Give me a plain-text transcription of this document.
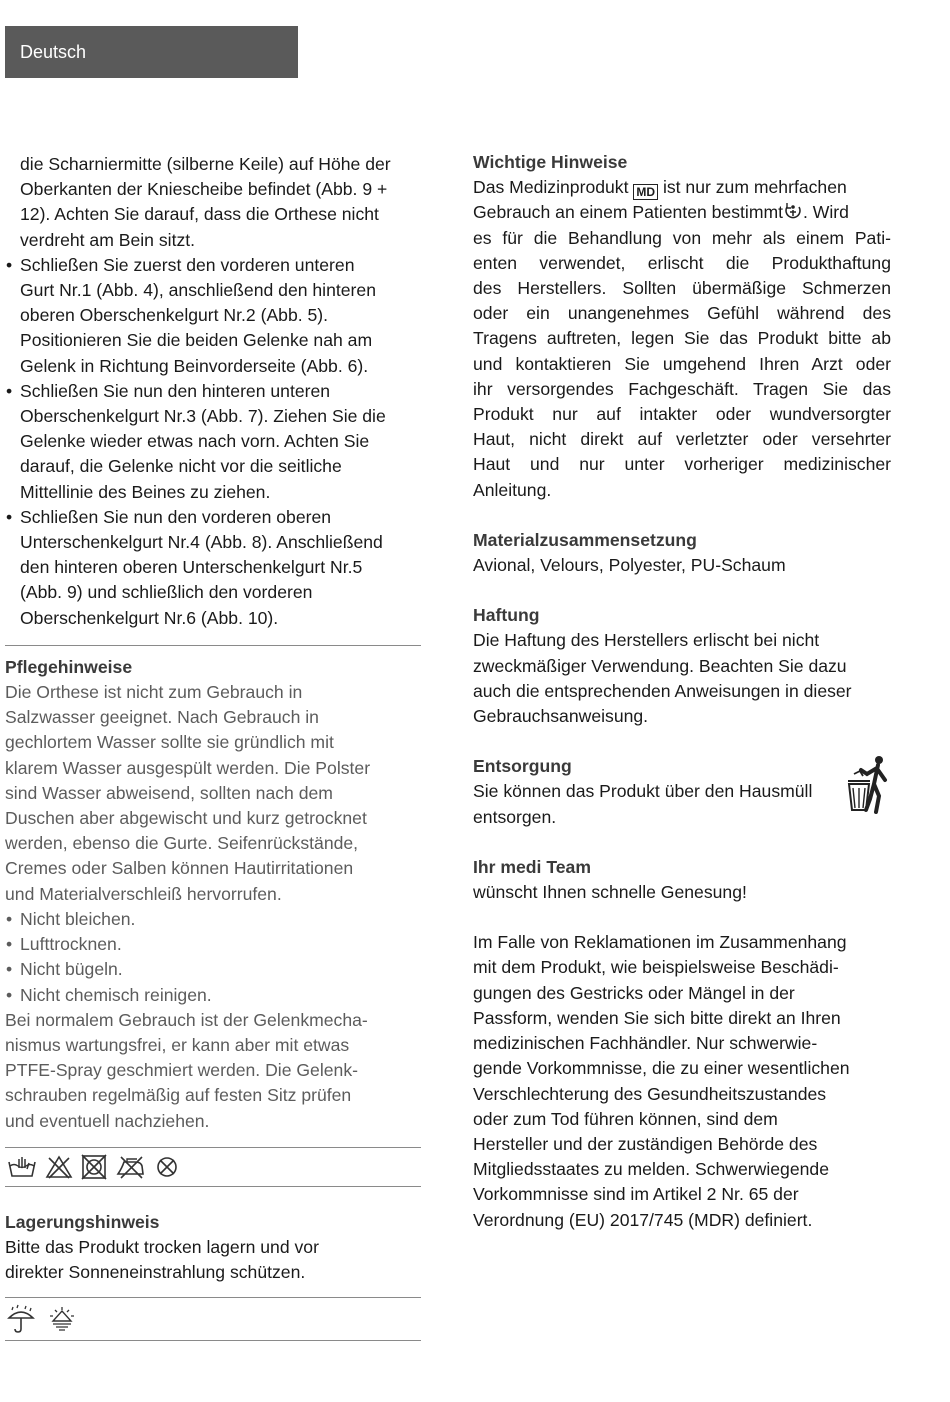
Deutsch
die Scharniermitte (silberne Keile) auf Höhe der
Oberkanten der Kniescheibe befindet (Abb. 9 +
12). Achten Sie darauf, dass die Orthese nicht
verdreht am Bein sitzt.
• Schließen Sie zuerst den vorderen unteren
Gurt Nr.1 (Abb. 4), anschließend den hinteren
oberen Oberschenkelgurt Nr.2 (Abb. 5).
Positionieren Sie die beiden Gelenke nah am
Gelenk in Richtung Beinvorderseite (Abb. 6).
• Schließen Sie nun den hinteren unteren
Oberschenkelgurt Nr.3 (Abb. 7). Ziehen Sie die
Gelenke wieder etwas nach vorn. Achten Sie
darauf, die Gelenke nicht vor die seitliche
Mittellinie des Beines zu ziehen.
• Schließen Sie nun den vorderen oberen
Unterschenkelgurt Nr.4 (Abb. 8). Anschließend
den hinteren oberen Unterschenkelgurt Nr.5
(Abb. 9) und schließlich den vorderen
Oberschenkelgurt Nr.6 (Abb. 10).
Pflegehinweise
Die Orthese ist nicht zum Gebrauch in
Salzwasser geeignet. Nach Gebrauch in
gechlortem Wasser sollte sie gründlich mit
klarem Wasser ausgespült werden. Die Polster
sind Wasser abweisend, sollten nach dem
Duschen aber abgewischt und kurz getrocknet
werden, ebenso die Gurte. Seifenrückstände,
Cremes oder Salben können Hautirritationen
und Materialverschleiß hervorrufen.
• Nicht bleichen.
• Lufttrocknen.
• Nicht bügeln.
• Nicht chemisch reinigen.
Bei normalem Gebrauch ist der Gelenkmecha-
nismus wartungsfrei, er kann aber mit etwas
PTFE-Spray geschmiert werden. Die Gelenk-
schrauben regelmäßig auf festen Sitz prüfen
und eventuell nachziehen.
Lagerungshinweis
Bitte das Produkt trocken lagern und vor
direkter Sonneneinstrahlung schützen.
Wichtige Hinweise
Das Medizinprodukt MD ist nur zum mehrfachen
Gebrauch an einem Patienten bestimmt . Wird
es für die Behandlung von mehr als einem Pati-
enten verwendet, erlischt die Produkthaftung
des Herstellers. Sollten übermäßige Schmerzen
oder ein unangenehmes Gefühl während des
Tragens auftreten, legen Sie das Produkt bitte ab
und kontaktieren Sie umgehend Ihren Arzt oder
ihr versorgendes Fachgeschäft. Tragen Sie das
Produkt nur auf intakter oder wundversorgter
Haut, nicht direkt auf verletzter oder versehrter
Haut und nur unter vorheriger medizinischer
Anleitung.
Materialzusammensetzung
Avional, Velours, Polyester, PU-Schaum
Haftung
Die Haftung des Herstellers erlischt bei nicht
zweckmäßiger Verwendung. Beachten Sie dazu
auch die entsprechenden Anweisungen in dieser
Gebrauchsanweisung.
Entsorgung
Sie können das Produkt über den Hausmüll
entsorgen.
Ihr medi Team
wünscht Ihnen schnelle Genesung!
Im Falle von Reklamationen im Zusammenhang
mit dem Produkt, wie beispielsweise Beschädi-
gungen des Gestricks oder Mängel in der
Passform, wenden Sie sich bitte direkt an Ihren
medizinischen Fachhändler. Nur schwerwie-
gende Vorkommnisse, die zu einer wesentlichen
Verschlechterung des Gesundheitszustandes
oder zum Tod führen können, sind dem
Hersteller und der zuständigen Behörde des
Mitgliedsstaates zu melden. Schwerwiegende
Vorkommnisse sind im Artikel 2 Nr. 65 der
Verordnung (EU) 2017/745 (MDR) definiert.
